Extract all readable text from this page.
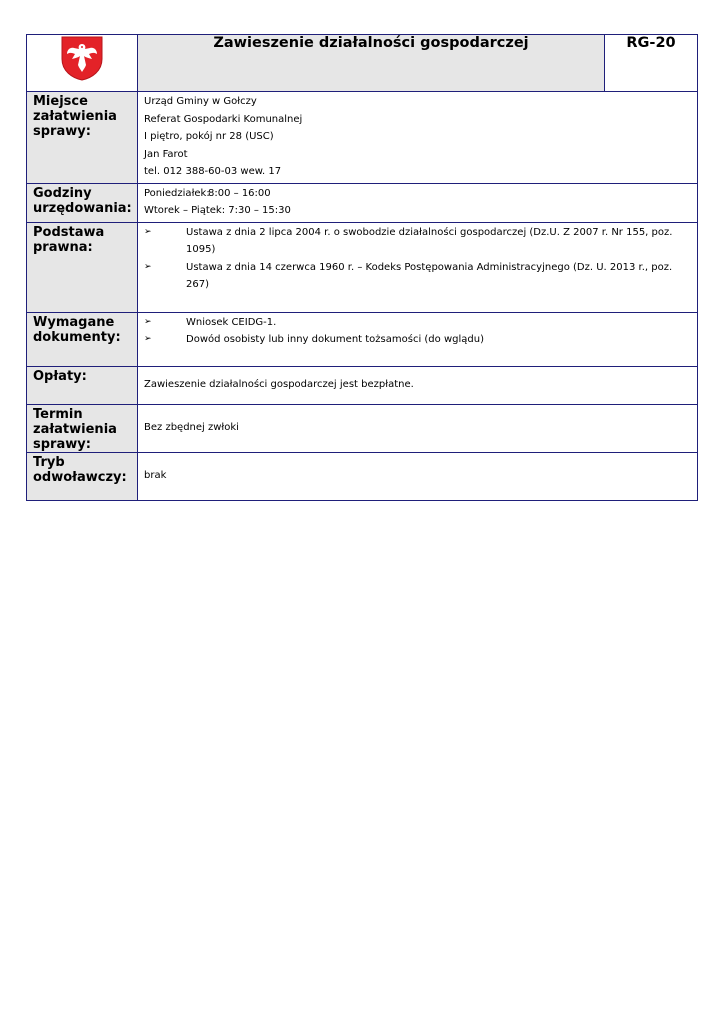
	Zawieszenie działalności gospodarczej	RG-20
Miejsce załatwienia sprawy:	Urząd Gminy w Gołczy
Referat Gospodarki Komunalnej
I piętro, pokój nr 28 (USC)
Jan Farot
tel. 012 388-60-03 wew. 17	

Godziny urzędowania:	Poniedziałek:
8:00 – 16:00
Wtorek – Piątek: 7:30 – 15:30	

Podstawa prawna:	➢ Ustawa z dnia 2 lipca 2004 r. o swobodzie działalności gospodarczej (Dz.U. Z 2007 r. Nr 155, poz. 1095)
➢ Ustawa z dnia 14 czerwca 1960 r. – Kodeks Postępowania Administracyjnego (Dz. U. 2013 r., poz. 267)	

Wymagane dokumenty:	➢ Wniosek CEIDG-1.
➢ Dowód osobisty lub inny dokument tożsamości (do wglądu)	

Opłaty:	Zawieszenie działalności gospodarczej jest bezpłatne.	
Termin załatwienia sprawy:	Bez zbędnej zwłoki	
Tryb odwoławczy:	brak	
